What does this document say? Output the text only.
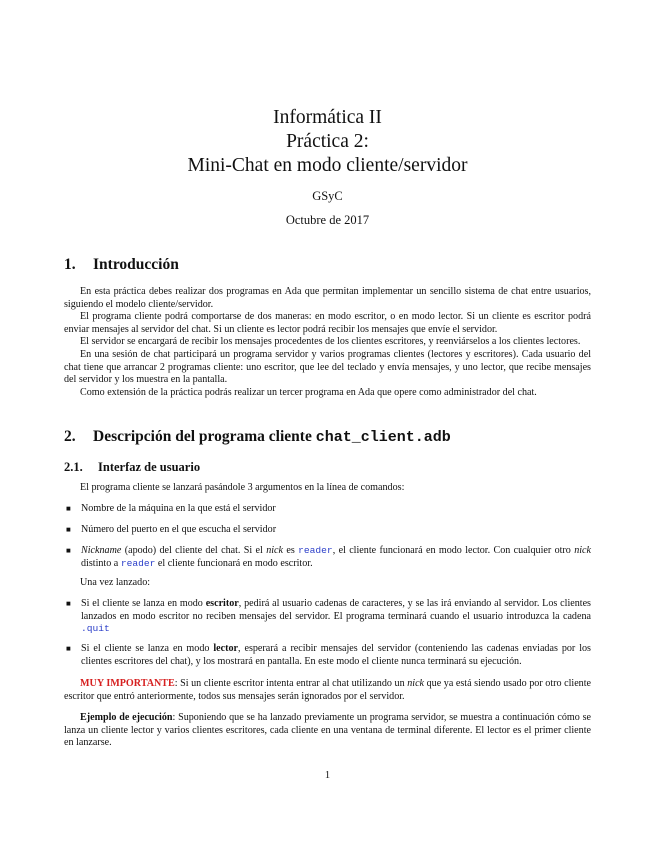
Informática II
Práctica 2:
Mini-Chat en modo cliente/servidor
GSyC
Octubre de 2017
1. Introducción

En esta práctica debes realizar dos programas en Ada que permitan implementar un sencillo sistema de chat entre usuarios, siguiendo el modelo cliente/servidor.

El programa cliente podrá comportarse de dos maneras: en modo escritor, o en modo lector. Si un cliente es escritor podrá enviar mensajes al servidor del chat. Si un cliente es lector podrá recibir los mensajes que envíe el servidor.

El servidor se encargará de recibir los mensajes procedentes de los clientes escritores, y reenviárselos a los clientes lectores.

En una sesión de chat participará un programa servidor y varios programas clientes (lectores y escritores). Cada usuario del chat tiene que arrancar 2 programas cliente: uno escritor, que lee del teclado y envía mensajes, y uno lector, que recibe mensajes del servidor y los muestra en la pantalla.

Como extensión de la práctica podrás realizar un tercer programa en Ada que opere como administrador del chat.

2. Descripción del programa cliente chat_client.adb
2.1. Interfaz de usuario
El programa cliente se lanzará pasándole 3 argumentos en la línea de comandos:
■ Nombre de la máquina en la que está el servidor
■ Número del puerto en el que escucha el servidor
■ Nickname (apodo) del cliente del chat. Si el nick es reader, el cliente funcionará en modo lector. Con cualquier otro nick distinto a reader el cliente funcionará en modo escritor.
Una vez lanzado:
■ Si el cliente se lanza en modo escritor, pedirá al usuario cadenas de caracteres, y se las irá enviando al servidor. Los clientes lanzados en modo escritor no reciben mensajes del servidor. El programa terminará cuando el usuario introduzca la cadena .quit
■ Si el cliente se lanza en modo lector, esperará a recibir mensajes del servidor (conteniendo las cadenas enviadas por los clientes escritores del chat), y los mostrará en pantalla. En este modo el cliente nunca terminará su ejecución.

MUY IMPORTANTE: Si un cliente escritor intenta entrar al chat utilizando un nick que ya está siendo usado por otro cliente escritor que entró anteriormente, todos sus mensajes serán ignorados por el servidor.

Ejemplo de ejecución: Suponiendo que se ha lanzado previamente un programa servidor, se muestra a continuación cómo se lanza un cliente lector y varios clientes escritores, cada cliente en una ventana de terminal diferente. El lector es el primer cliente en lanzarse.

1
